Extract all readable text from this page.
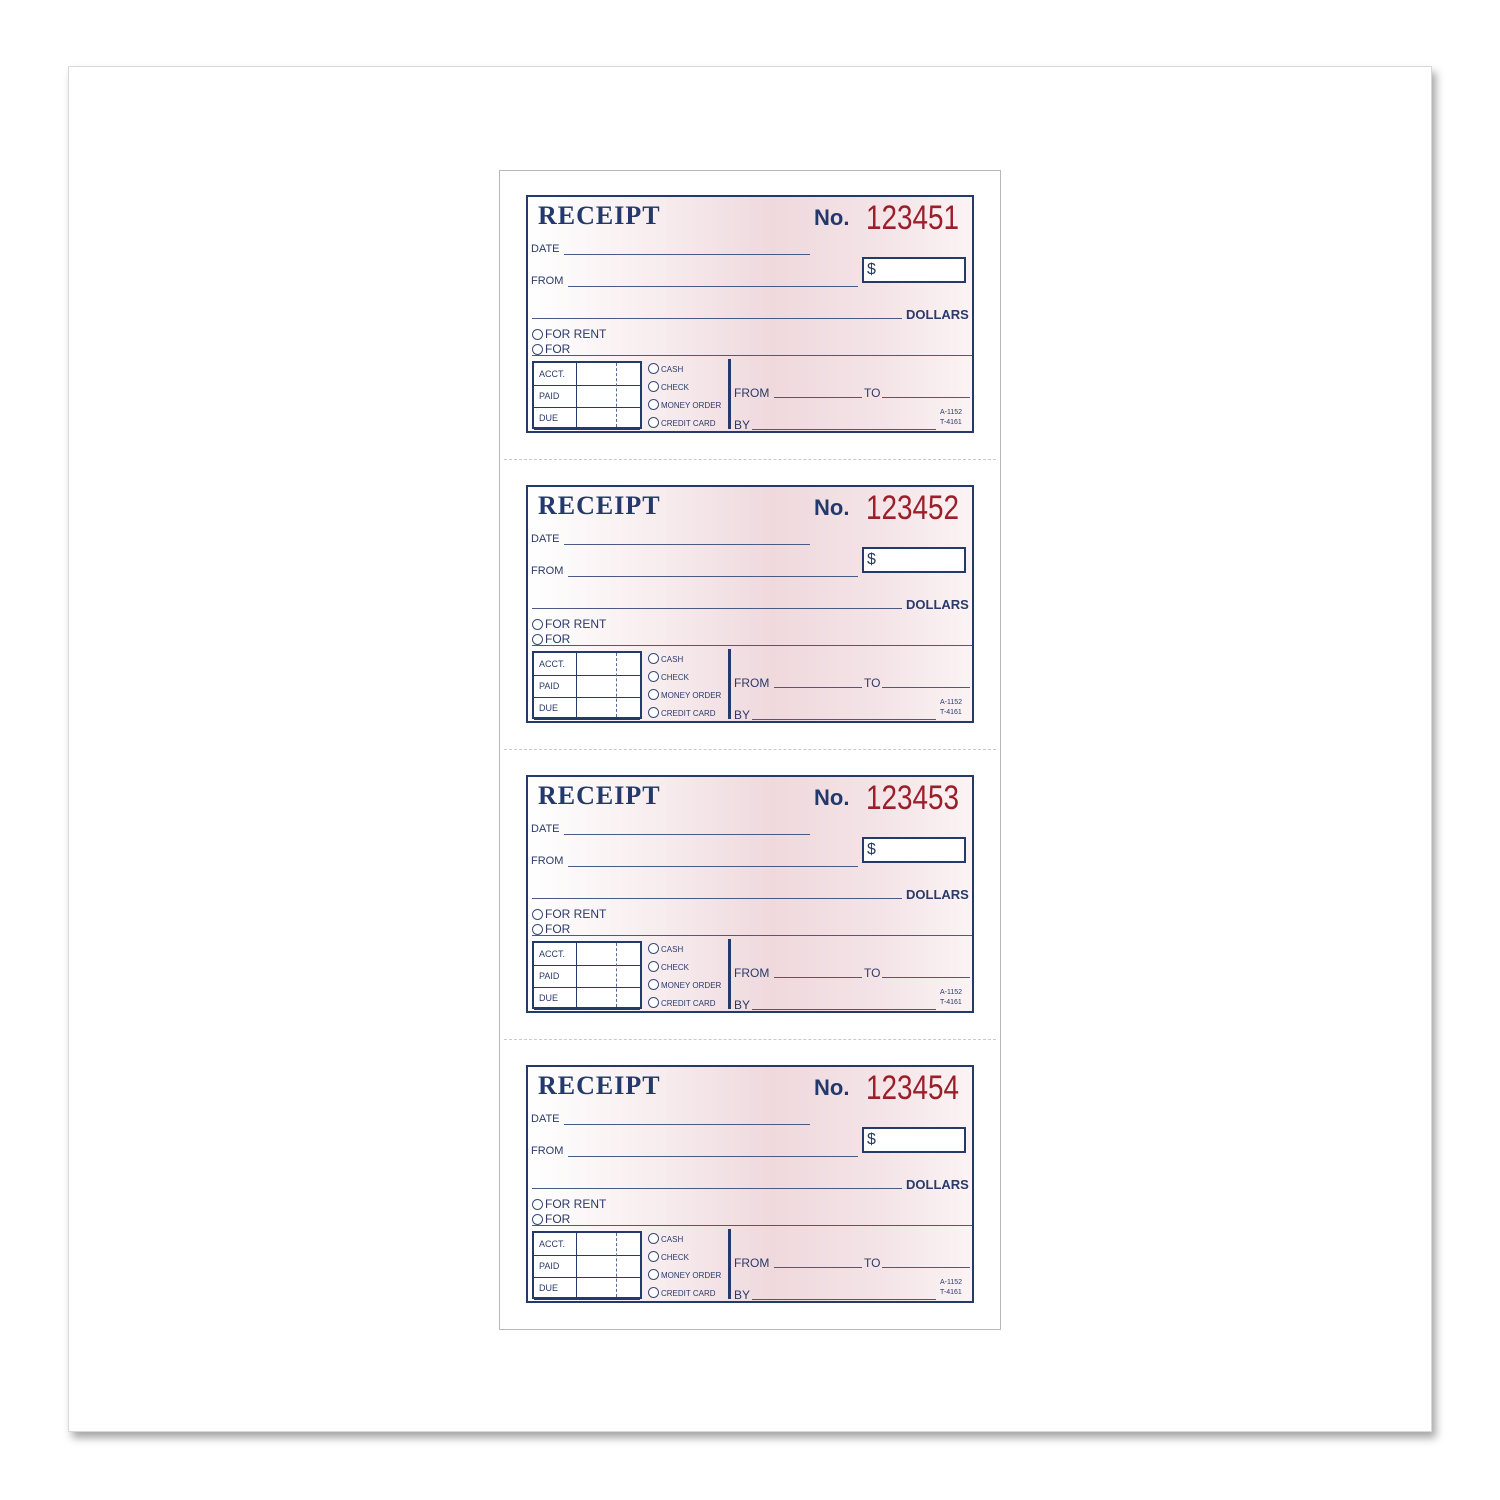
RECEIPT	No. 123451
DATE
FROM
$
DOLLARS
FOR RENT
FOR
ACCT.
PAID
DUE
CASH
CHECK
MONEY ORDER
CREDIT CARD
FROM	TO
BY
A-1152
T-4161
RECEIPT	No. 123452
DATE
FROM
$
DOLLARS
FOR RENT
FOR
ACCT.
PAID
DUE
CASH
CHECK
MONEY ORDER
CREDIT CARD
FROM	TO
BY
A-1152
T-4161
RECEIPT	No. 123453
DATE
FROM
$
DOLLARS
FOR RENT
FOR
ACCT.
PAID
DUE
CASH
CHECK
MONEY ORDER
CREDIT CARD
FROM	TO
BY
A-1152
T-4161
RECEIPT	No. 123454
DATE
FROM
$
DOLLARS
FOR RENT
FOR
ACCT.
PAID
DUE
CASH
CHECK
MONEY ORDER
CREDIT CARD
FROM	TO
BY
A-1152
T-4161
